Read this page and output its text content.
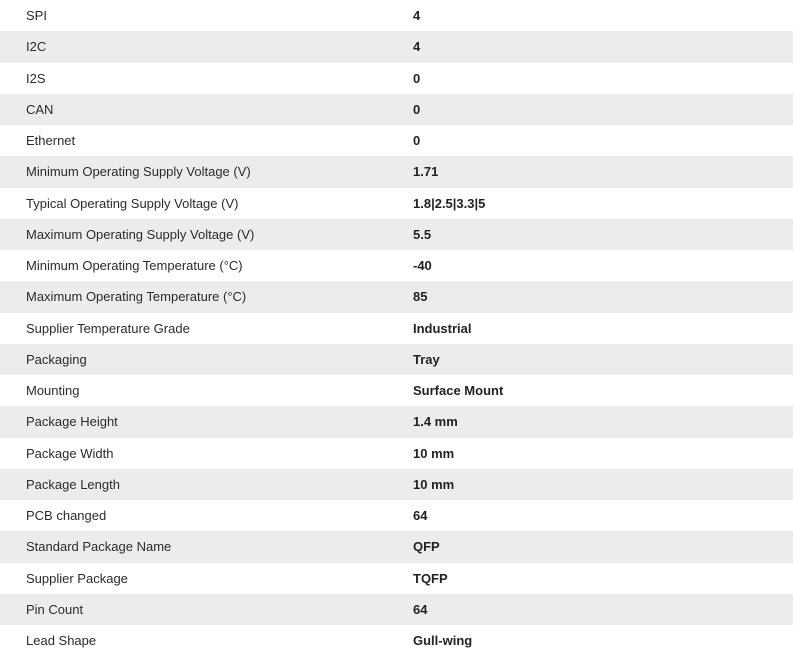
SPI	4
I2C	4
I2S	0
CAN	0
Ethernet	0
Minimum Operating Supply Voltage (V)	1.71
Typical Operating Supply Voltage (V)	1.8|2.5|3.3|5
Maximum Operating Supply Voltage (V)	5.5
Minimum Operating Temperature (°C)	-40
Maximum Operating Temperature (°C)	85
Supplier Temperature Grade	Industrial
Packaging	Tray
Mounting	Surface Mount
Package Height	1.4 mm
Package Width	10 mm
Package Length	10 mm
PCB changed	64
Standard Package Name	QFP
Supplier Package	TQFP
Pin Count	64
Lead Shape	Gull-wing
